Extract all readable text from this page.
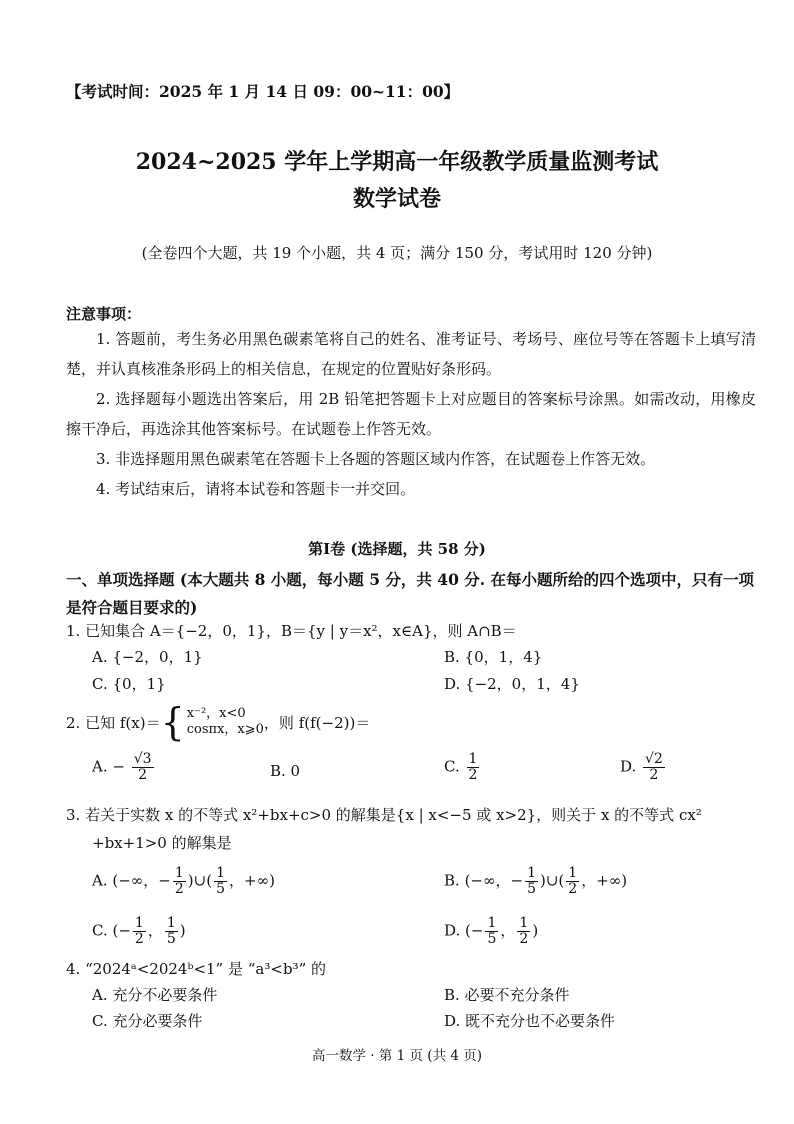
【考试时间：2025 年 1 月 14 日 09：00~11：00】
2024~2025 学年上学期高一年级教学质量监测考试
数学试卷
(全卷四个大题，共 19 个小题，共 4 页；满分 150 分，考试用时 120 分钟)
注意事项：

1. 答题前，考生务必用黑色碳素笔将自己的姓名、准考证号、考场号、座位号等在答题卡上填写清楚，并认真核准条形码上的相关信息，在规定的位置贴好条形码。

2. 选择题每小题选出答案后，用 2B 铅笔把答题卡上对应题目的答案标号涂黑。如需改动，用橡皮擦干净后，再选涂其他答案标号。在试题卷上作答无效。

3. 非选择题用黑色碳素笔在答题卡上各题的答题区域内作答，在试题卷上作答无效。

4. 考试结束后，请将本试卷和答题卡一并交回。

第Ⅰ卷 (选择题，共 58 分)
一、单项选择题 (本大题共 8 小题，每小题 5 分，共 40 分. 在每小题所给的四个选项中，只有一项是符合题目要求的)
1. 已知集合 A＝{−2，0，1}，B＝{y | y＝x²，x∈A}，则 A∩B＝
A. {−2，0，1}	B. {0，1，4}
C. {0，1}	D. {−2，0，1，4}
2. 已知 f(x)＝ { x⁻²，x<0
cosπx，x⩾0 ，则 f(f(−2))＝
A. − $\frac{√3}{2}$	B. 0	C. $\frac{1}{2}$	D. $\frac{√2}{2}$
3. 若关于实数 x 的不等式 x²+bx+c>0 的解集是{x | x<−5 或 x>2}，则关于 x 的不等式 cx²
+bx+1>0 的解集是
A. (−∞，− $\frac{1}{2}$ )∪( $\frac{1}{5}$ ，+∞)	B. (−∞，− $\frac{1}{5}$ )∪( $\frac{1}{2}$ ，+∞)
C. (− $\frac{1}{2}$ ， $\frac{1}{5}$ )	D. (− $\frac{1}{5}$ ， $\frac{1}{2}$ )
4. “2024ᵃ<2024ᵇ<1” 是 “a³<b³” 的
A. 充分不必要条件	B. 必要不充分条件
C. 充分必要条件	D. 既不充分也不必要条件
高一数学 · 第 1 页 (共 4 页)
